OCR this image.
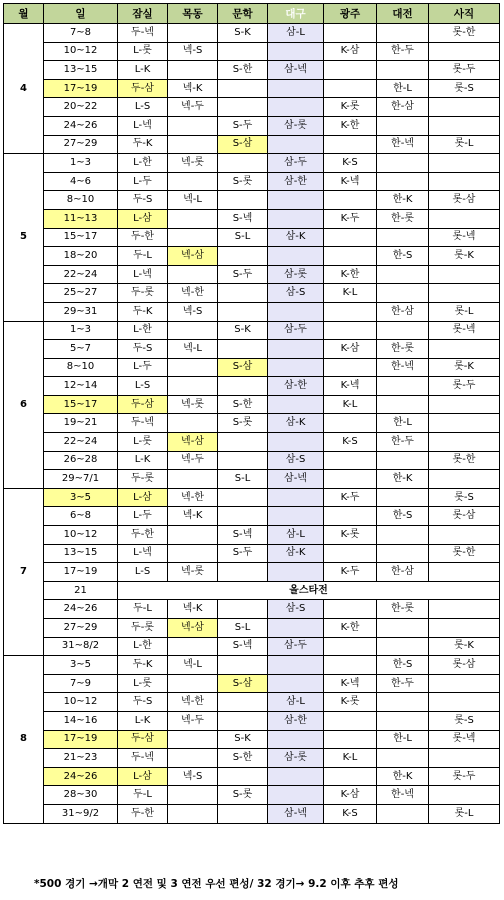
월	일	잠실	목동	문학	대구	광주	대전	사직
4	7~8	두-넥		S-K	삼-L			롯-한
	10~12	L-롯	넥-S			K-삼	한-두	
	13~15	L-K		S-한	삼-넥			롯-두
	17~19	두-삼	넥-K				한-L	롯-S
	20~22	L-S	넥-두			K-롯	한-삼	
	24~26	L-넥		S-두	삼-롯	K-한		
	27~29	두-K		S-삼			한-넥	롯-L
5	1~3	L-한	넥-롯		삼-두	K-S		
	4~6	L-두		S-롯	삼-한	K-넥		
	8~10	두-S	넥-L				한-K	롯-삼
	11~13	L-삼		S-넥		K-두	한-롯	
	15~17	두-한		S-L	삼-K			롯-넥
	18~20	두-L	넥-삼				한-S	롯-K
	22~24	L-넥		S-두	삼-롯	K-한		
	25~27	두-롯	넥-한		삼-S	K-L		
	29~31	두-K	넥-S				한-삼	롯-L
6	1~3	L-한		S-K	삼-두			롯-넥
	5~7	두-S	넥-L			K-삼	한-롯	
	8~10	L-두		S-삼			한-넥	롯-K
	12~14	L-S			삼-한	K-넥		롯-두
	15~17	두-삼	넥-롯	S-한		K-L		
	19~21	두-넥		S-롯	삼-K		한-L	
	22~24	L-롯	넥-삼			K-S	한-두	
	26~28	L-K	넥-두		삼-S			롯-한
	29~7/1	두-롯		S-L	삼-넥		한-K	
7	3~5	L-삼	넥-한			K-두		롯-S
	6~8	L-두	넥-K				한-S	롯-삼
	10~12	두-한		S-넥	삼-L	K-롯		
	13~15	L-넥		S-두	삼-K			롯-한
	17~19	L-S	넥-롯			K-두	한-삼	
	21	올스타전						
	24~26	두-L	넥-K		삼-S		한-롯	
	27~29	두-롯	넥-삼	S-L		K-한		
	31~8/2	L-한		S-넥	삼-두			롯-K
8	3~5	두-K	넥-L				한-S	롯-삼
	7~9	L-롯		S-삼		K-넥	한-두	
	10~12	두-S	넥-한		삼-L	K-롯		
	14~16	L-K	넥-두		삼-한			롯-S
	17~19	두-삼		S-K			한-L	롯-넥
	21~23	두-넥		S-한	삼-롯	K-L		
	24~26	L-삼	넥-S				한-K	롯-두
	28~30	두-L		S-롯		K-삼	한-넥	
	31~9/2	두-한			삼-넥	K-S		롯-L
*500 경기 →개막 2 연전 및 3 연전 우선 편성/ 32 경기→ 9.2 이후 추후 편성
